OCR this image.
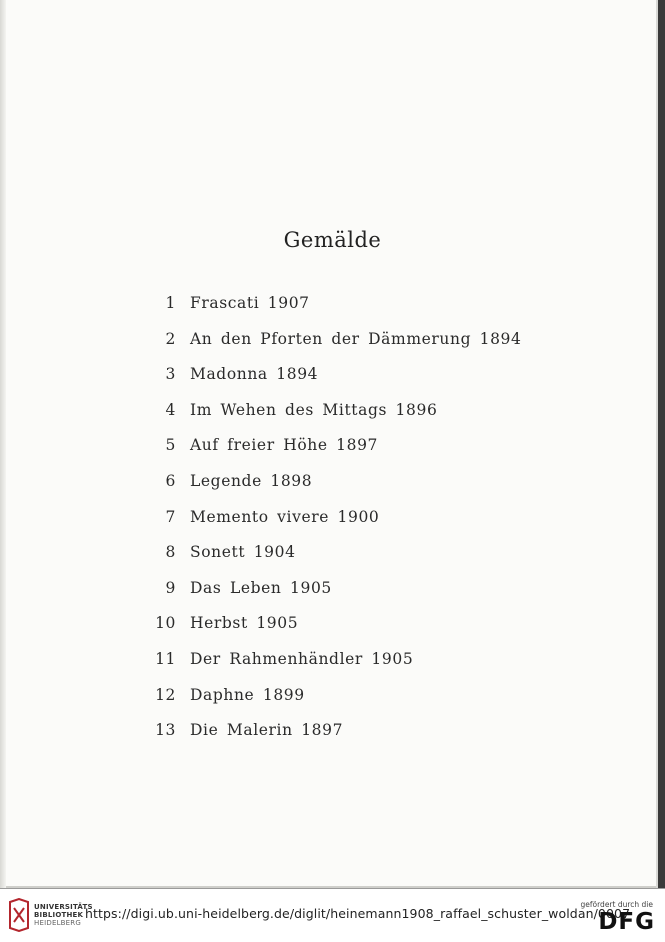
Gemälde
1 Frascati 1907
2 An den Pforten der Dämmerung 1894
3 Madonna 1894
4 Im Wehen des Mittags 1896
5 Auf freier Höhe 1897
6 Legende 1898
7 Memento vivere 1900
8 Sonett 1904
9 Das Leben 1905
10 Herbst 1905
11 Der Rahmenhändler 1905
12 Daphne 1899
13 Die Malerin 1897
UNIVERSITÄTS
BIBLIOTHEK
HEIDELBERG
https://digi.ub.uni-heidelberg.de/diglit/heinemann1908_raffael_schuster_woldan/0007
gefördert durch die
DFG
